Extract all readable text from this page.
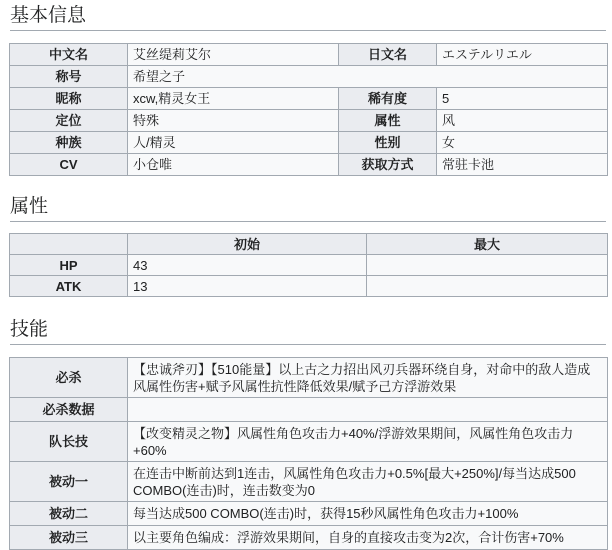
基本信息
中文名	艾丝缇莉艾尔	日文名	エステルリエル
称号	希望之子		
昵称	xcw,精灵女王	稀有度	5
定位	特殊	属性	风
种族	人/精灵	性别	女
CV	小仓唯	获取方式	常驻卡池
属性
	初始	最大
HP	43	
ATK	13	
技能
必杀	【忠诚斧刃】【510能量】以上古之力招出风刃兵器环绕自身，对命中的敌人造成风属性伤害+赋予风属性抗性降低效果/赋予己方浮游效果
必杀数据	
队长技	【改变精灵之物】风属性角色攻击力+40%/浮游效果期间，风属性角色攻击力+60%
被动一	在连击中断前达到1连击，风属性角色攻击力+0.5%[最大+250%]/每当达成500 COMBO(连击)时，连击数变为0
被动二	每当达成500 COMBO(连击)时，获得15秒风属性角色攻击力+100%
被动三	以主要角色编成：浮游效果期间，自身的直接攻击变为2次，合计伤害+70%
